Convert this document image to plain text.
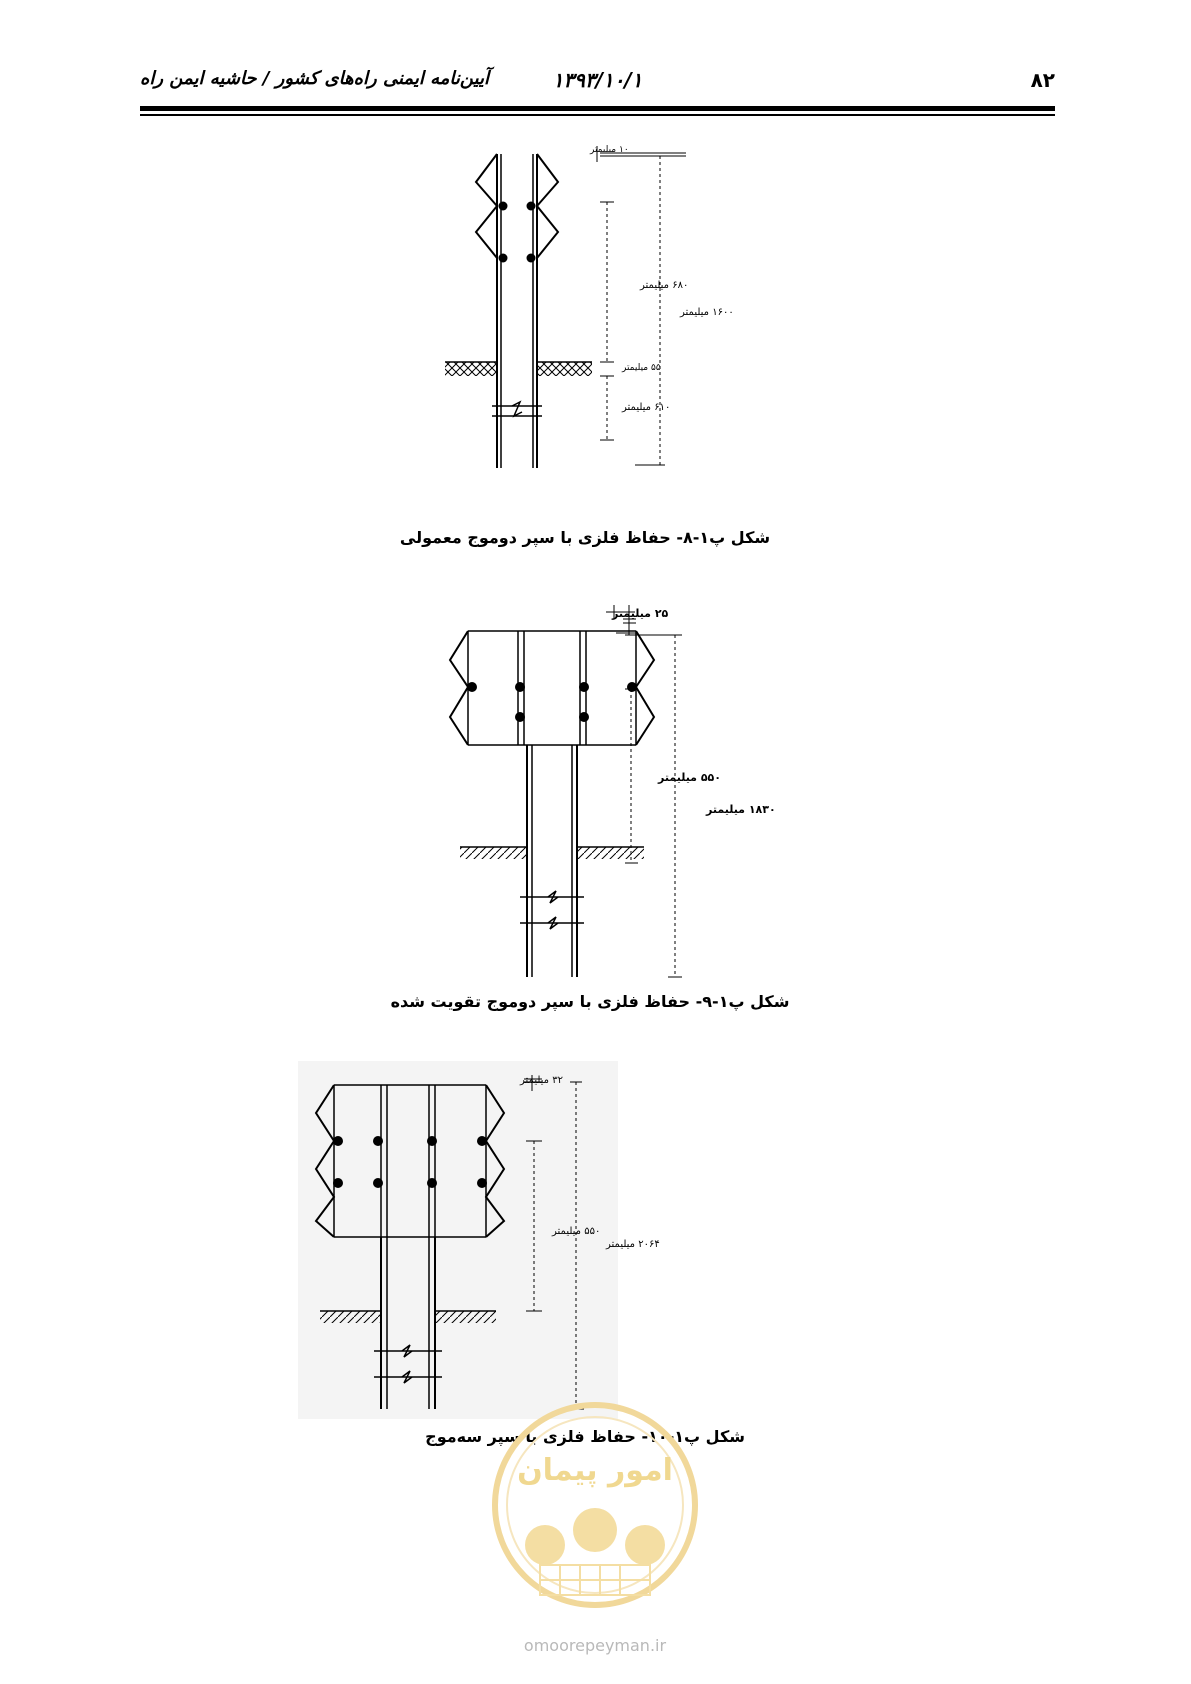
۸۲
۱۳۹۳/۱۰/۱
آیین‌نامه ایمنی راه‌های کشور / حاشیه ایمن راه
۱۰ میلیمتر
۶۸۰ میلیمتر
۱۶۰۰ میلیمتر
۵۵ میلیمتر
۶۱۰ میلیمتر
شکل پ۱-۸- حفاظ فلزی با سپر دوموج معمولی
۲۵ میلیمتر
۵۵۰ میلیمتر
۱۸۳۰ میلیمتر
شکل پ۱-۹- حفاظ فلزی با سپر دوموج تقویت شده
۳۲ میلیمتر
۵۵۰ میلیمتر
۲۰۶۴ میلیمتر
شکل پ۱-۱۰- حفاظ فلزی با سپر سه‌موج
امور پیمان
omoorepeyman.ir
